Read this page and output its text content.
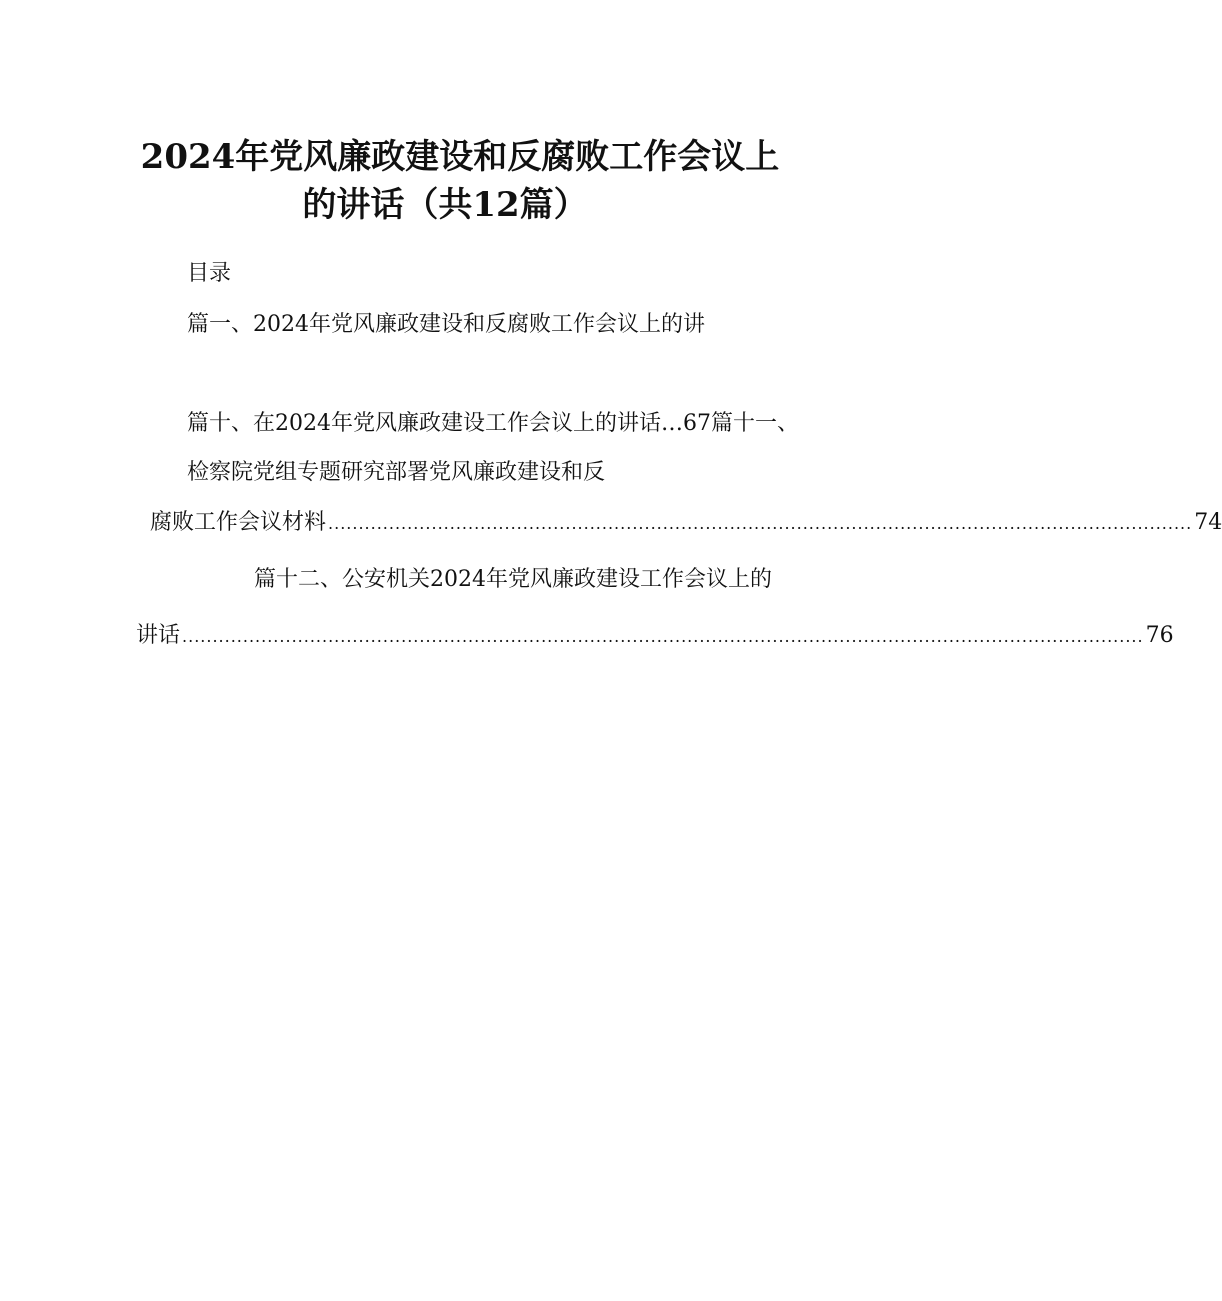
2024年党风廉政建设和反腐败工作会议上
的讲话（共12篇）
目录
篇一、2024年党风廉政建设和反腐败工作会议上的讲
篇十、在2024年党风廉政建设工作会议上的讲话…67篇十一、
检察院党组专题研究部署党风廉政建设和反
腐败工作会议材料 .............................................................................................................................................. 74
篇十二、公安机关2024年党风廉政建设工作会议上的
讲话 .............................................................................................................................................................. 76
